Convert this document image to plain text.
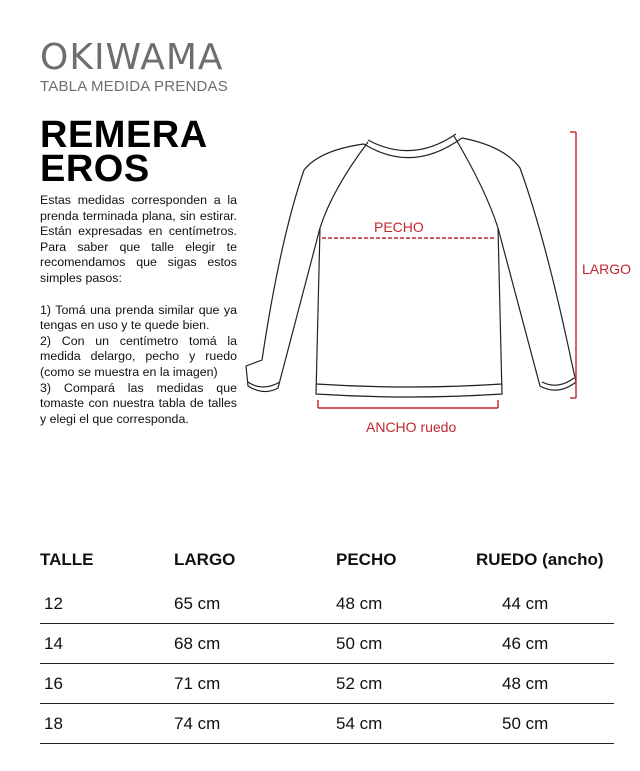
OKIWAMA
TABLA MEDIDA PRENDAS
REMERA
EROS

Estas medidas corresponden a la prenda terminada plana, sin estirar. Están expresadas en centímetros. Para saber que talle elegir te recomendamos que sigas estos simples pasos:

1) Tomá una prenda similar que ya tengas en uso y te quede bien.

2) Con un centímetro tomá la medida delargo, pecho y ruedo (como se muestra en la imagen)

3) Compará las medidas que tomaste con nuestra tabla de talles y elegi el que corresponda.

PECHO
LARGO
ANCHO ruedo
TALLE	LARGO	PECHO	RUEDO (ancho)
12	65 cm	48 cm	44 cm
14	68 cm	50 cm	46 cm
16	71 cm	52 cm	48 cm
18	74 cm	54 cm	50 cm
